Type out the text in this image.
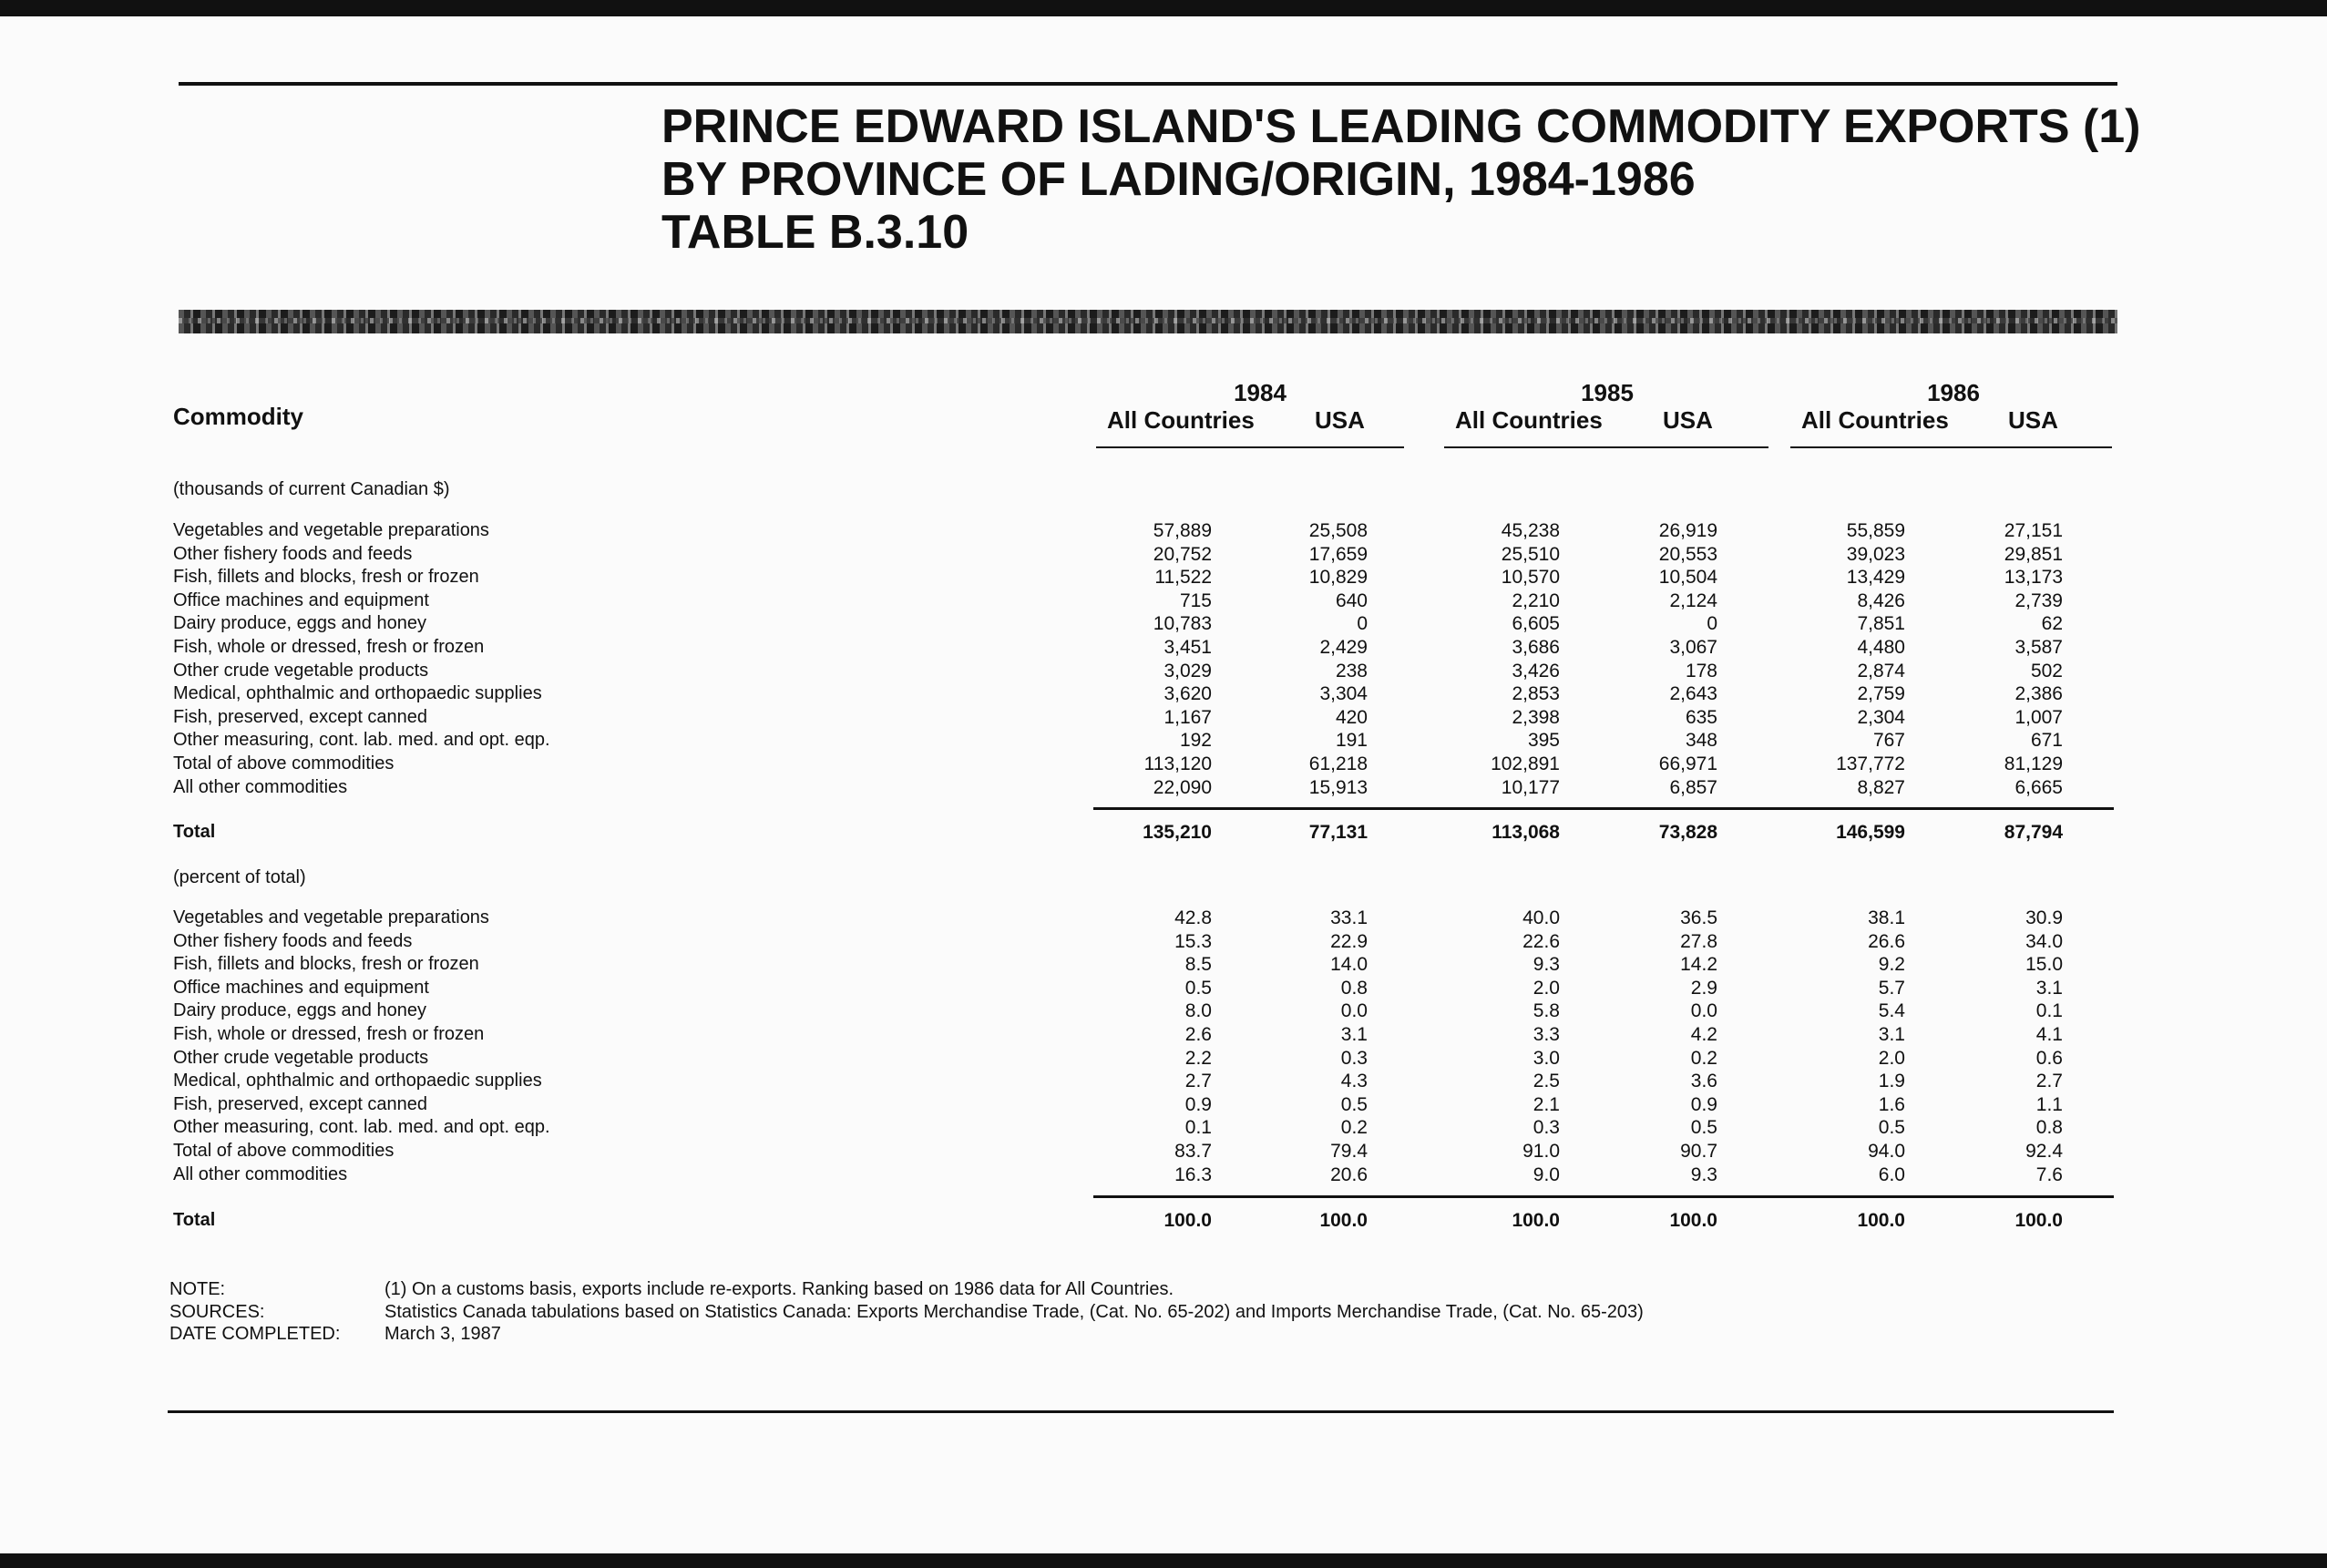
PRINCE EDWARD ISLAND'S LEADING COMMODITY EXPORTS (1)
BY PROVINCE OF LADING/ORIGIN, 1984-1986
TABLE B.3.10
Commodity
1984	1985	1986
All Countries	USA	All Countries	USA	All Countries	USA
(thousands of current Canadian $)
Vegetables and vegetable preparations	57,889	25,508	45,238	26,919	55,859	27,151
Other fishery foods and feeds	20,752	17,659	25,510	20,553	39,023	29,851
Fish, fillets and blocks, fresh or frozen	11,522	10,829	10,570	10,504	13,429	13,173
Office machines and equipment	715	640	2,210	2,124	8,426	2,739
Dairy produce, eggs and honey	10,783	0	6,605	0	7,851	62
Fish, whole or dressed, fresh or frozen	3,451	2,429	3,686	3,067	4,480	3,587
Other crude vegetable products	3,029	238	3,426	178	2,874	502
Medical, ophthalmic and orthopaedic supplies	3,620	3,304	2,853	2,643	2,759	2,386
Fish, preserved, except canned	1,167	420	2,398	635	2,304	1,007
Other measuring, cont. lab. med. and opt. eqp.	192	191	395	348	767	671
Total of above commodities	113,120	61,218	102,891	66,971	137,772	81,129
All other commodities	22,090	15,913	10,177	6,857	8,827	6,665
Total	135,210	77,131	113,068	73,828	146,599	87,794
(percent of total)
Vegetables and vegetable preparations	42.8	33.1	40.0	36.5	38.1	30.9
Other fishery foods and feeds	15.3	22.9	22.6	27.8	26.6	34.0
Fish, fillets and blocks, fresh or frozen	8.5	14.0	9.3	14.2	9.2	15.0
Office machines and equipment	0.5	0.8	2.0	2.9	5.7	3.1
Dairy produce, eggs and honey	8.0	0.0	5.8	0.0	5.4	0.1
Fish, whole or dressed, fresh or frozen	2.6	3.1	3.3	4.2	3.1	4.1
Other crude vegetable products	2.2	0.3	3.0	0.2	2.0	0.6
Medical, ophthalmic and orthopaedic supplies	2.7	4.3	2.5	3.6	1.9	2.7
Fish, preserved, except canned	0.9	0.5	2.1	0.9	1.6	1.1
Other measuring, cont. lab. med. and opt. eqp.	0.1	0.2	0.3	0.5	0.5	0.8
Total of above commodities	83.7	79.4	91.0	90.7	94.0	92.4
All other commodities	16.3	20.6	9.0	9.3	6.0	7.6
Total	100.0	100.0	100.0	100.0	100.0	100.0
NOTE:	(1) On a customs basis, exports include re-exports. Ranking based on 1986 data for All Countries.
SOURCES:	Statistics Canada tabulations based on Statistics Canada: Exports Merchandise Trade, (Cat. No. 65-202) and Imports Merchandise Trade, (Cat. No. 65-203)
DATE COMPLETED: March 3, 1987
